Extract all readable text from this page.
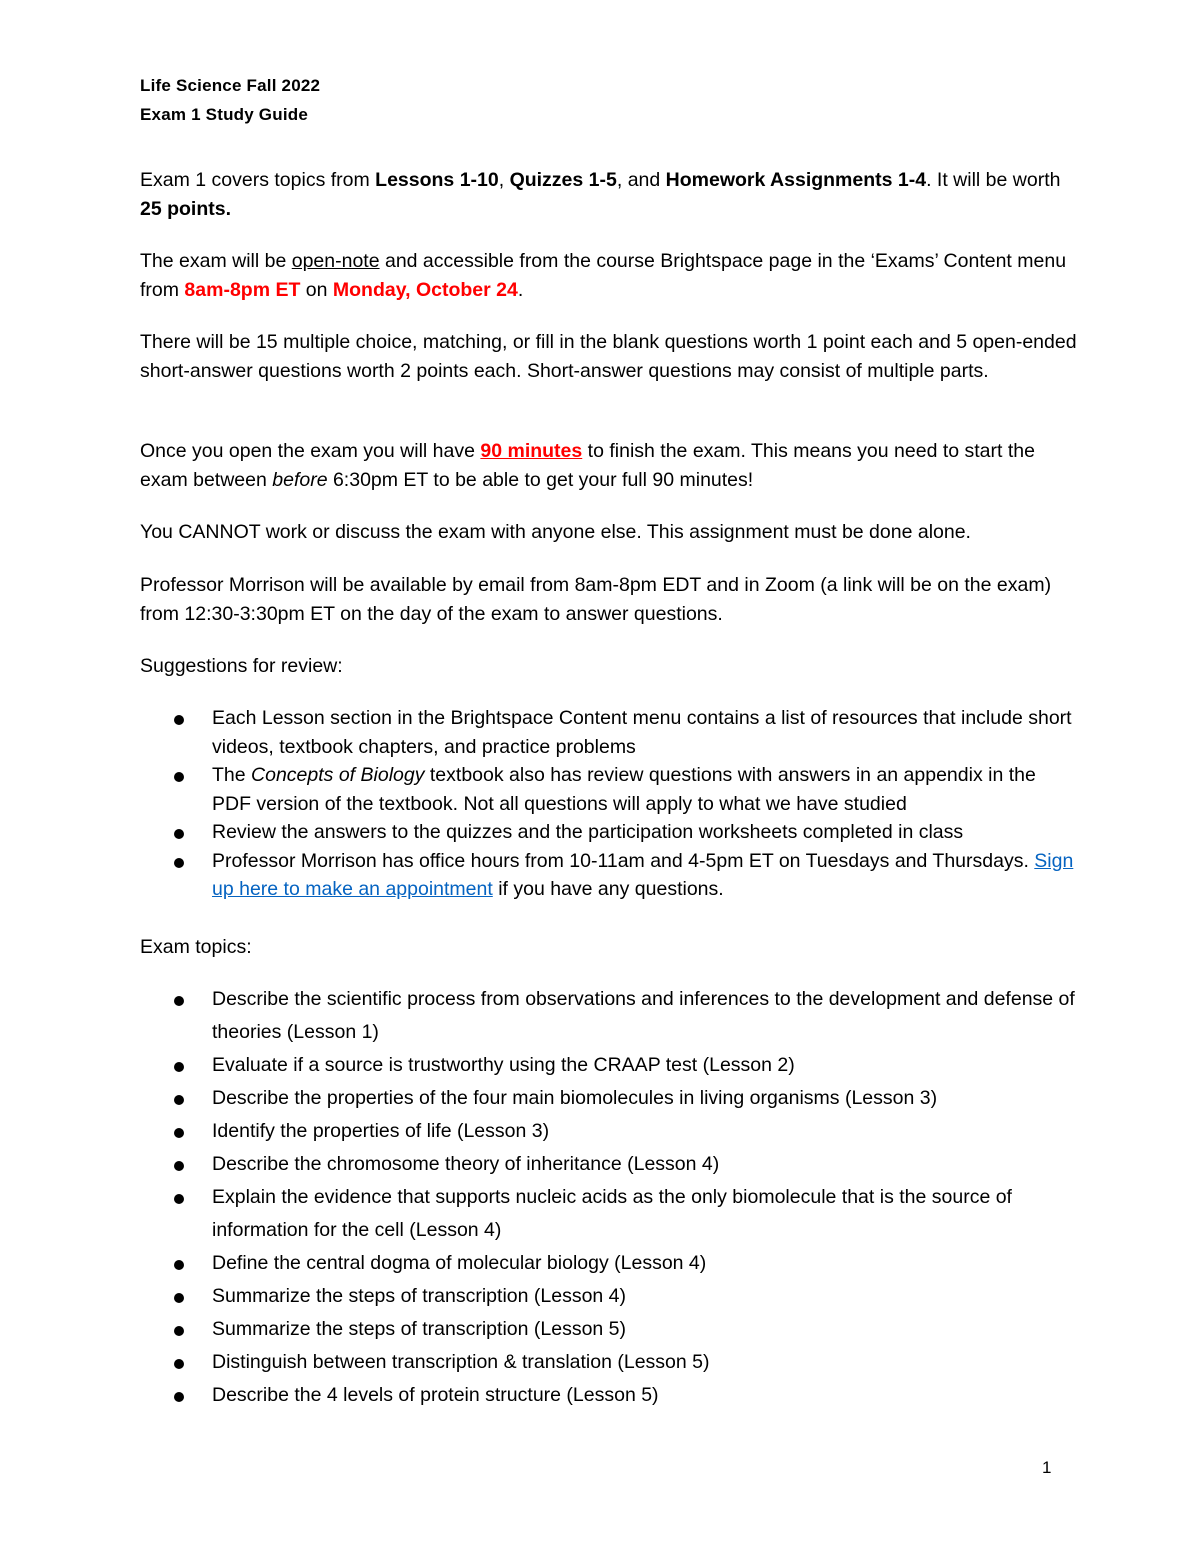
Life Science Fall 2022
Exam 1 Study Guide

Exam 1 covers topics from Lessons 1-10, Quizzes 1-5, and Homework Assignments 1-4. It will be worth 25 points.

The exam will be open-note and accessible from the course Brightspace page in the ‘Exams’ Content menu from 8am-8pm ET on Monday, October 24.

There will be 15 multiple choice, matching, or fill in the blank questions worth 1 point each and 5 open-ended short-answer questions worth 2 points each. Short-answer questions may consist of multiple parts.

Once you open the exam you will have 90 minutes to finish the exam. This means you need to start the exam between before 6:30pm ET to be able to get your full 90 minutes!

You CANNOT work or discuss the exam with anyone else. This assignment must be done alone.

Professor Morrison will be available by email from 8am-8pm EDT and in Zoom (a link will be on the exam) from 12:30-3:30pm ET on the day of the exam to answer questions.

Suggestions for review:

Each Lesson section in the Brightspace Content menu contains a list of resources that include short videos, textbook chapters, and practice problems
The Concepts of Biology textbook also has review questions with answers in an appendix in the PDF version of the textbook. Not all questions will apply to what we have studied
Review the answers to the quizzes and the participation worksheets completed in class
Professor Morrison has office hours from 10-11am and 4-5pm ET on Tuesdays and Thursdays. Sign up here to make an appointment if you have any questions.

Exam topics:

Describe the scientific process from observations and inferences to the development and defense of theories (Lesson 1)
Evaluate if a source is trustworthy using the CRAAP test (Lesson 2)
Describe the properties of the four main biomolecules in living organisms (Lesson 3)
Identify the properties of life (Lesson 3)
Describe the chromosome theory of inheritance (Lesson 4)
Explain the evidence that supports nucleic acids as the only biomolecule that is the source of information for the cell (Lesson 4)
Define the central dogma of molecular biology (Lesson 4)
Summarize the steps of transcription (Lesson 4)
Summarize the steps of transcription (Lesson 5)
Distinguish between transcription & translation (Lesson 5)
Describe the 4 levels of protein structure (Lesson 5)
1
